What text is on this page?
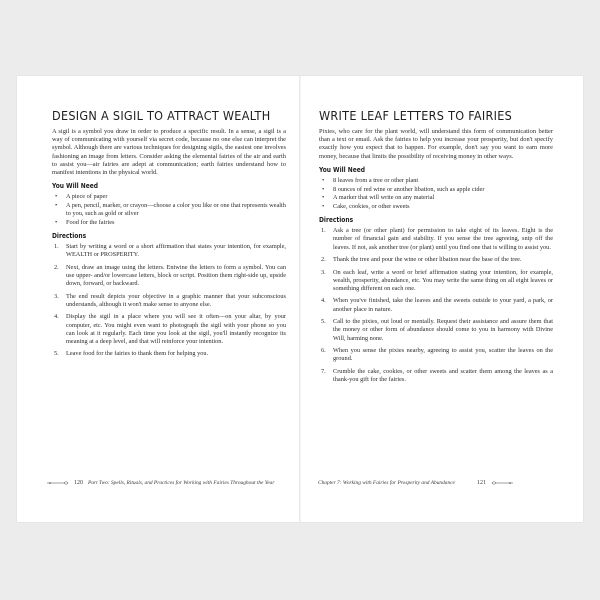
DESIGN A SIGIL TO ATTRACT WEALTH

A sigil is a symbol you draw in order to produce a specific result. In a sense, a sigil is a way of communicating with yourself via secret code, because no one else can interpret the symbol. Although there are various techniques for designing sigils, the easiest one involves fashioning an image from letters. Consider asking the elemental fairies of the air and earth to assist you—air fairies are adept at communication; earth fairies understand how to manifest intentions in the physical world.

You Will Need
• A piece of paper
• A pen, pencil, marker, or crayon—choose a color you like or one that represents wealth to you, such as gold or silver
• Food for the fairies
Directions
1. Start by writing a word or a short affirmation that states your intention, for example, WEALTH or PROSPERITY.
2. Next, draw an image using the letters. Entwine the letters to form a symbol. You can use upper- and/or lowercase letters, block or script. Position them right-side up, upside down, forward, or backward.
3. The end result depicts your objective in a graphic manner that your subconscious understands, although it won't make sense to anyone else.
4. Display the sigil in a place where you will see it often—on your altar, by your computer, etc. You might even want to photograph the sigil with your phone so you can look at it regularly. Each time you look at the sigil, you'll instantly recognize its meaning at a deep level, and that will reinforce your intention.
5. Leave food for the fairies to thank them for helping you.
120 Part Two: Spells, Rituals, and Practices for Working with Fairies Throughout the Year
WRITE LEAF LETTERS TO FAIRIES

Pixies, who care for the plant world, will understand this form of communication better than a text or email. Ask the fairies to help you increase your prosperity, but don't specify exactly how you expect that to happen. For example, don't say you want to earn more money, because that limits the possibility of receiving money in other ways.

You Will Need
• 8 leaves from a tree or other plant
• 8 ounces of red wine or another libation, such as apple cider
• A marker that will write on any material
• Cake, cookies, or other sweets
Directions
1. Ask a tree (or other plant) for permission to take eight of its leaves. Eight is the number of financial gain and stability. If you sense the tree agreeing, snip off the leaves. If not, ask another tree (or plant) until you find one that is willing to assist you.
2. Thank the tree and pour the wine or other libation near the base of the tree.
3. On each leaf, write a word or brief affirmation stating your intention, for example, wealth, prosperity, abundance, etc. You may write the same thing on all eight leaves or something different on each one.
4. When you've finished, take the leaves and the sweets outside to your yard, a park, or another place in nature.
5. Call to the pixies, out loud or mentally. Request their assistance and assure them that the money or other form of abundance should come to you in harmony with Divine Will, harming none.
6. When you sense the pixies nearby, agreeing to assist you, scatter the leaves on the ground.
7. Crumble the cake, cookies, or other sweets and scatter them among the leaves as a thank-you gift for the fairies.
Chapter 7: Working with Fairies for Prosperity and Abundance	121
